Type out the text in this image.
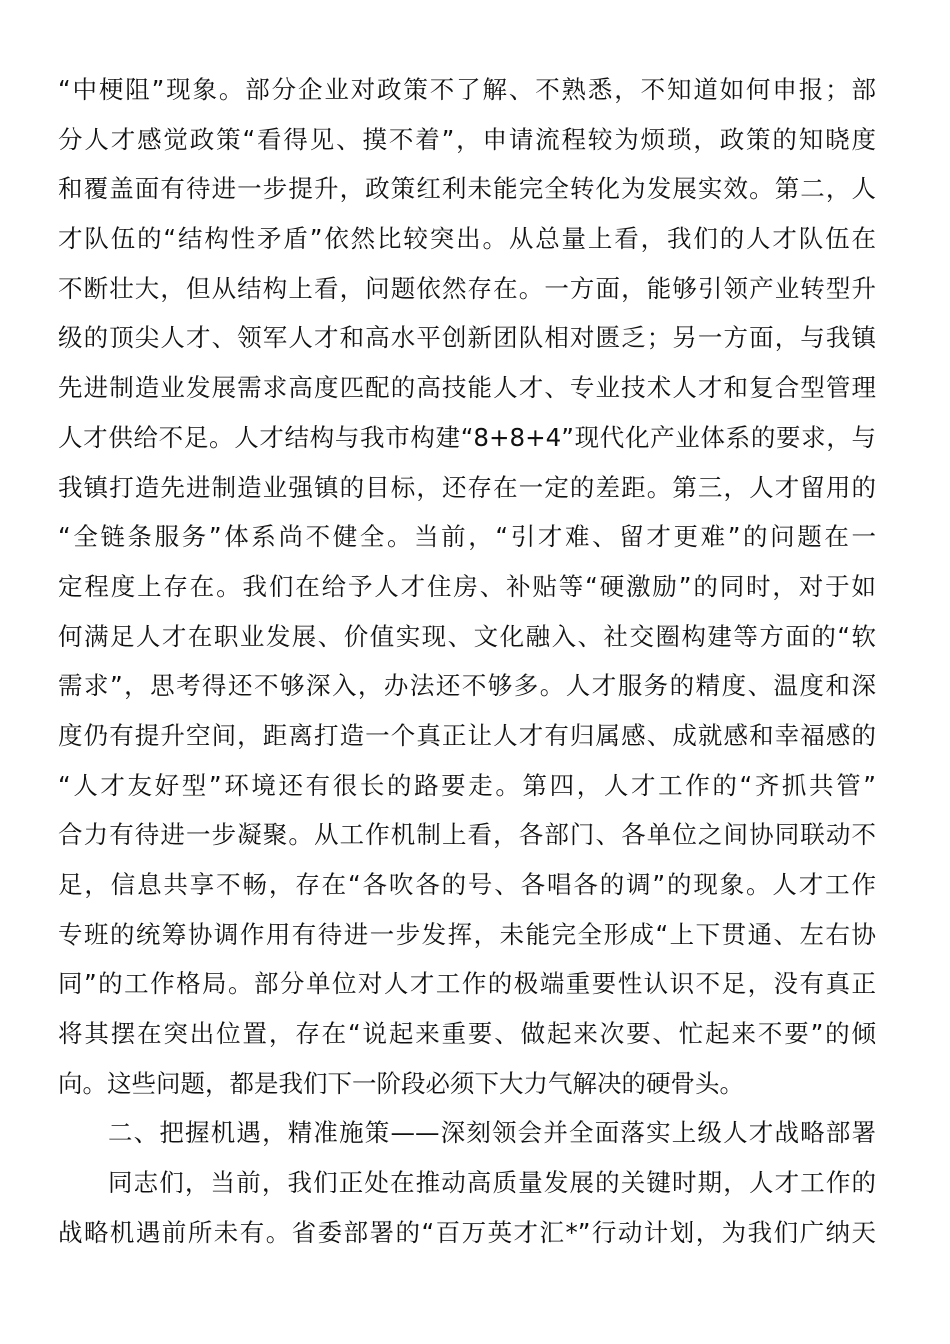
“中梗阻”现象。部分企业对政策不了解、不熟悉，不知道如何申报；部
分人才感觉政策“看得见、摸不着”，申请流程较为烦琐，政策的知晓度
和覆盖面有待进一步提升，政策红利未能完全转化为发展实效。第二，人
才队伍的“结构性矛盾”依然比较突出。从总量上看，我们的人才队伍在
不断壮大，但从结构上看，问题依然存在。一方面，能够引领产业转型升
级的顶尖人才、领军人才和高水平创新团队相对匮乏；另一方面，与我镇
先进制造业发展需求高度匹配的高技能人才、专业技术人才和复合型管理
人才供给不足。人才结构与我市构建“8+8+4”现代化产业体系的要求，与
我镇打造先进制造业强镇的目标，还存在一定的差距。第三，人才留用的
“全链条服务”体系尚不健全。当前，“引才难、留才更难”的问题在一
定程度上存在。我们在给予人才住房、补贴等“硬激励”的同时，对于如
何满足人才在职业发展、价值实现、文化融入、社交圈构建等方面的“软
需求”，思考得还不够深入，办法还不够多。人才服务的精度、温度和深
度仍有提升空间，距离打造一个真正让人才有归属感、成就感和幸福感的
“人才友好型”环境还有很长的路要走。第四，人才工作的“齐抓共管”
合力有待进一步凝聚。从工作机制上看，各部门、各单位之间协同联动不
足，信息共享不畅，存在“各吹各的号、各唱各的调”的现象。人才工作
专班的统筹协调作用有待进一步发挥，未能完全形成“上下贯通、左右协
同”的工作格局。部分单位对人才工作的极端重要性认识不足，没有真正
将其摆在突出位置，存在“说起来重要、做起来次要、忙起来不要”的倾
向。这些问题，都是我们下一阶段必须下大力气解决的硬骨头。
二、把握机遇，精准施策——深刻领会并全面落实上级人才战略部署
同志们，当前，我们正处在推动高质量发展的关键时期，人才工作的
战略机遇前所未有。省委部署的“百万英才汇*”行动计划，为我们广纳天
